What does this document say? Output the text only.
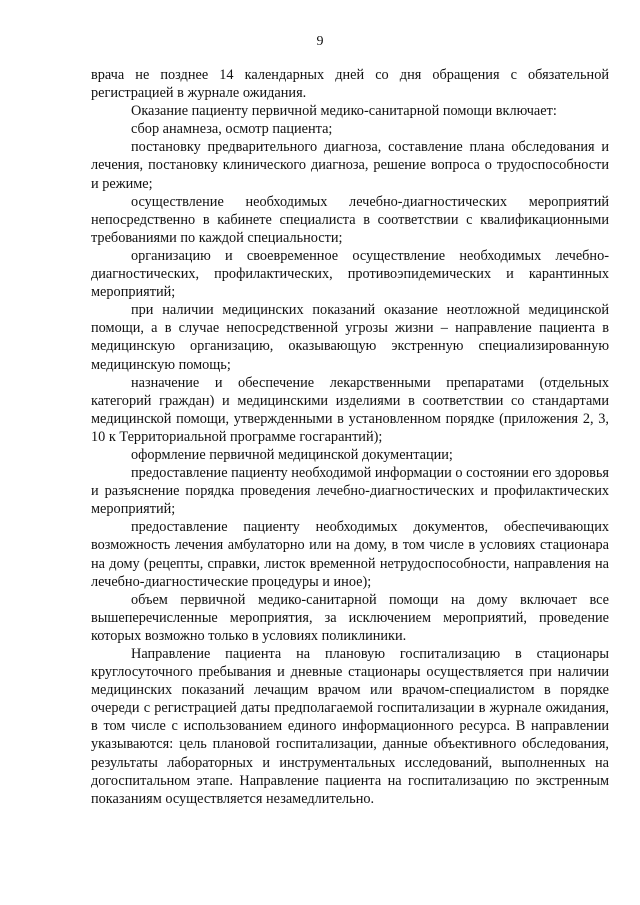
9

врача не позднее 14 календарных дней со дня обращения с обязательной регистрацией в журнале ожидания.

Оказание пациенту первичной медико-санитарной помощи включает:

сбор анамнеза, осмотр пациента;

постановку предварительного диагноза, составление плана обследования и лечения, постановку клинического диагноза, решение вопроса о трудоспособности и режиме;

осуществление необходимых лечебно-диагностических мероприятий непосредственно в кабинете специалиста в соответствии с квалификационными требованиями по каждой специальности;

организацию и своевременное осуществление необходимых лечебно-диагностических, профилактических, противоэпидемических и карантинных мероприятий;

при наличии медицинских показаний оказание неотложной медицинской помощи, а в случае непосредственной угрозы жизни – направление пациента в медицинскую организацию, оказывающую экстренную специализированную медицинскую помощь;

назначение и обеспечение лекарственными препаратами (отдельных категорий граждан) и медицинскими изделиями в соответствии со стандартами медицинской помощи, утвержденными в установленном порядке (приложения 2, 3, 10 к Территориальной программе госгарантий);

оформление первичной медицинской документации;

предоставление пациенту необходимой информации о состоянии его здоровья и разъяснение порядка проведения лечебно-диагностических и профилактических мероприятий;

предоставление пациенту необходимых документов, обеспечивающих возможность лечения амбулаторно или на дому, в том числе в условиях стационара на дому (рецепты, справки, листок временной нетрудоспособности, направления на лечебно-диагностические процедуры и иное);

объем первичной медико-санитарной помощи на дому включает все вышеперечисленные мероприятия, за исключением мероприятий, проведение которых возможно только в условиях поликлиники.

Направление пациента на плановую госпитализацию в стационары круглосуточного пребывания и дневные стационары осуществляется при наличии медицинских показаний лечащим врачом или врачом-специалистом в порядке очереди с регистрацией даты предполагаемой госпитализации в журнале ожидания, в том числе с использованием единого информационного ресурса. В направлении указываются: цель плановой госпитализации, данные объективного обследования, результаты лабораторных и инструментальных исследований, выполненных на догоспитальном этапе. Направление пациента на госпитализацию по экстренным показаниям осуществляется незамедлительно.
